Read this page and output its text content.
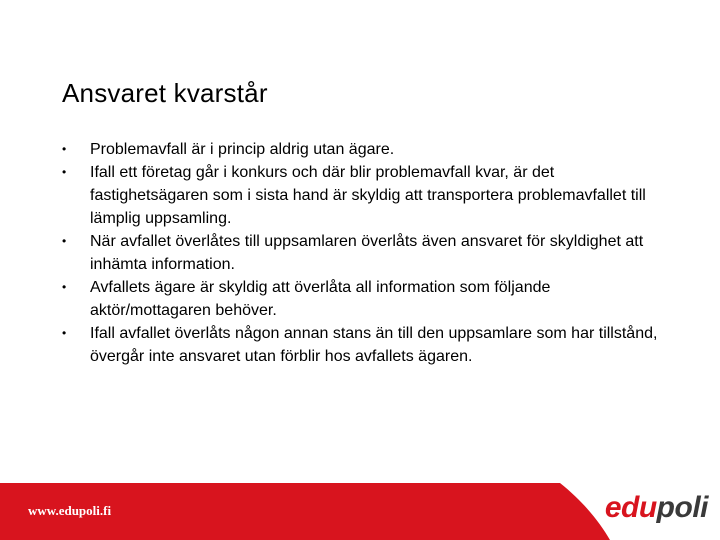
Ansvaret kvarstår
• Problemavfall är i princip aldrig utan ägare.
• Ifall ett företag går i konkurs och där blir problemavfall kvar, är det fastighetsägaren som i sista hand är skyldig att transportera problemavfallet till lämplig uppsamling.
• När avfallet överlåtes till uppsamlaren överlåts även ansvaret för skyldighet att inhämta information.
• Avfallets ägare är skyldig att överlåta all information som följande aktör/mottagaren behöver.
• Ifall avfallet överlåts någon annan stans än till den uppsamlare som har tillstånd, övergår inte ansvaret utan förblir hos avfallets ägaren.
www.edupoli.fi	edupoli
